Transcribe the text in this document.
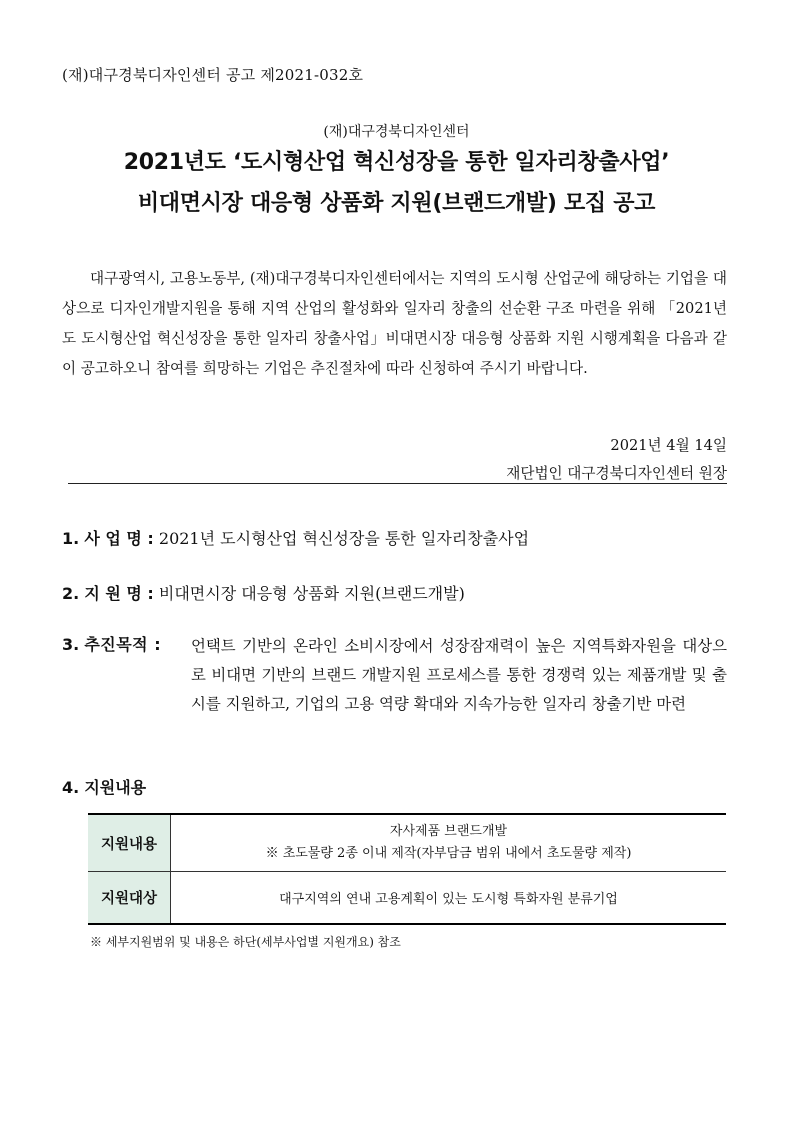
(재)대구경북디자인센터 공고 제2021-032호
(재)대구경북디자인센터
2021년도 ‘도시형산업 혁신성장을 통한 일자리창출사업’
비대면시장 대응형 상품화 지원(브랜드개발) 모집 공고
대구광역시, 고용노동부, (재)대구경북디자인센터에서는 지역의 도시형 산업군에 해당하는 기업을 대상으로 디자인개발지원을 통해 지역 산업의 활성화와 일자리 창출의 선순환 구조 마련을 위해 「2021년도 도시형산업 혁신성장을 통한 일자리 창출사업」비대면시장 대응형 상품화 지원 시행계획을 다음과 같이 공고하오니 참여를 희망하는 기업은 추진절차에 따라 신청하여 주시기 바랍니다.
2021년 4월 14일
재단법인 대구경북디자인센터 원장
1. 사 업 명 : 2021년 도시형산업 혁신성장을 통한 일자리창출사업
2. 지 원 명 : 비대면시장 대응형 상품화 지원(브랜드개발)
3. 추진목적 : 언택트 기반의 온라인 소비시장에서 성장잠재력이 높은 지역특화자원을 대상으로 비대면 기반의 브랜드 개발지원 프로세스를 통한 경쟁력 있는 제품개발 및 출시를 지원하고, 기업의 고용 역량 확대와 지속가능한 일자리 창출기반 마련
4. 지원내용
지원내용	자사제품 브랜드개발
※ 초도물량 2종 이내 제작(자부담금 범위 내에서 초도물량 제작)

지원대상	대구지역의 연내 고용계획이 있는 도시형 특화자원 분류기업
※ 세부지원범위 및 내용은 하단(세부사업별 지원개요) 참조
